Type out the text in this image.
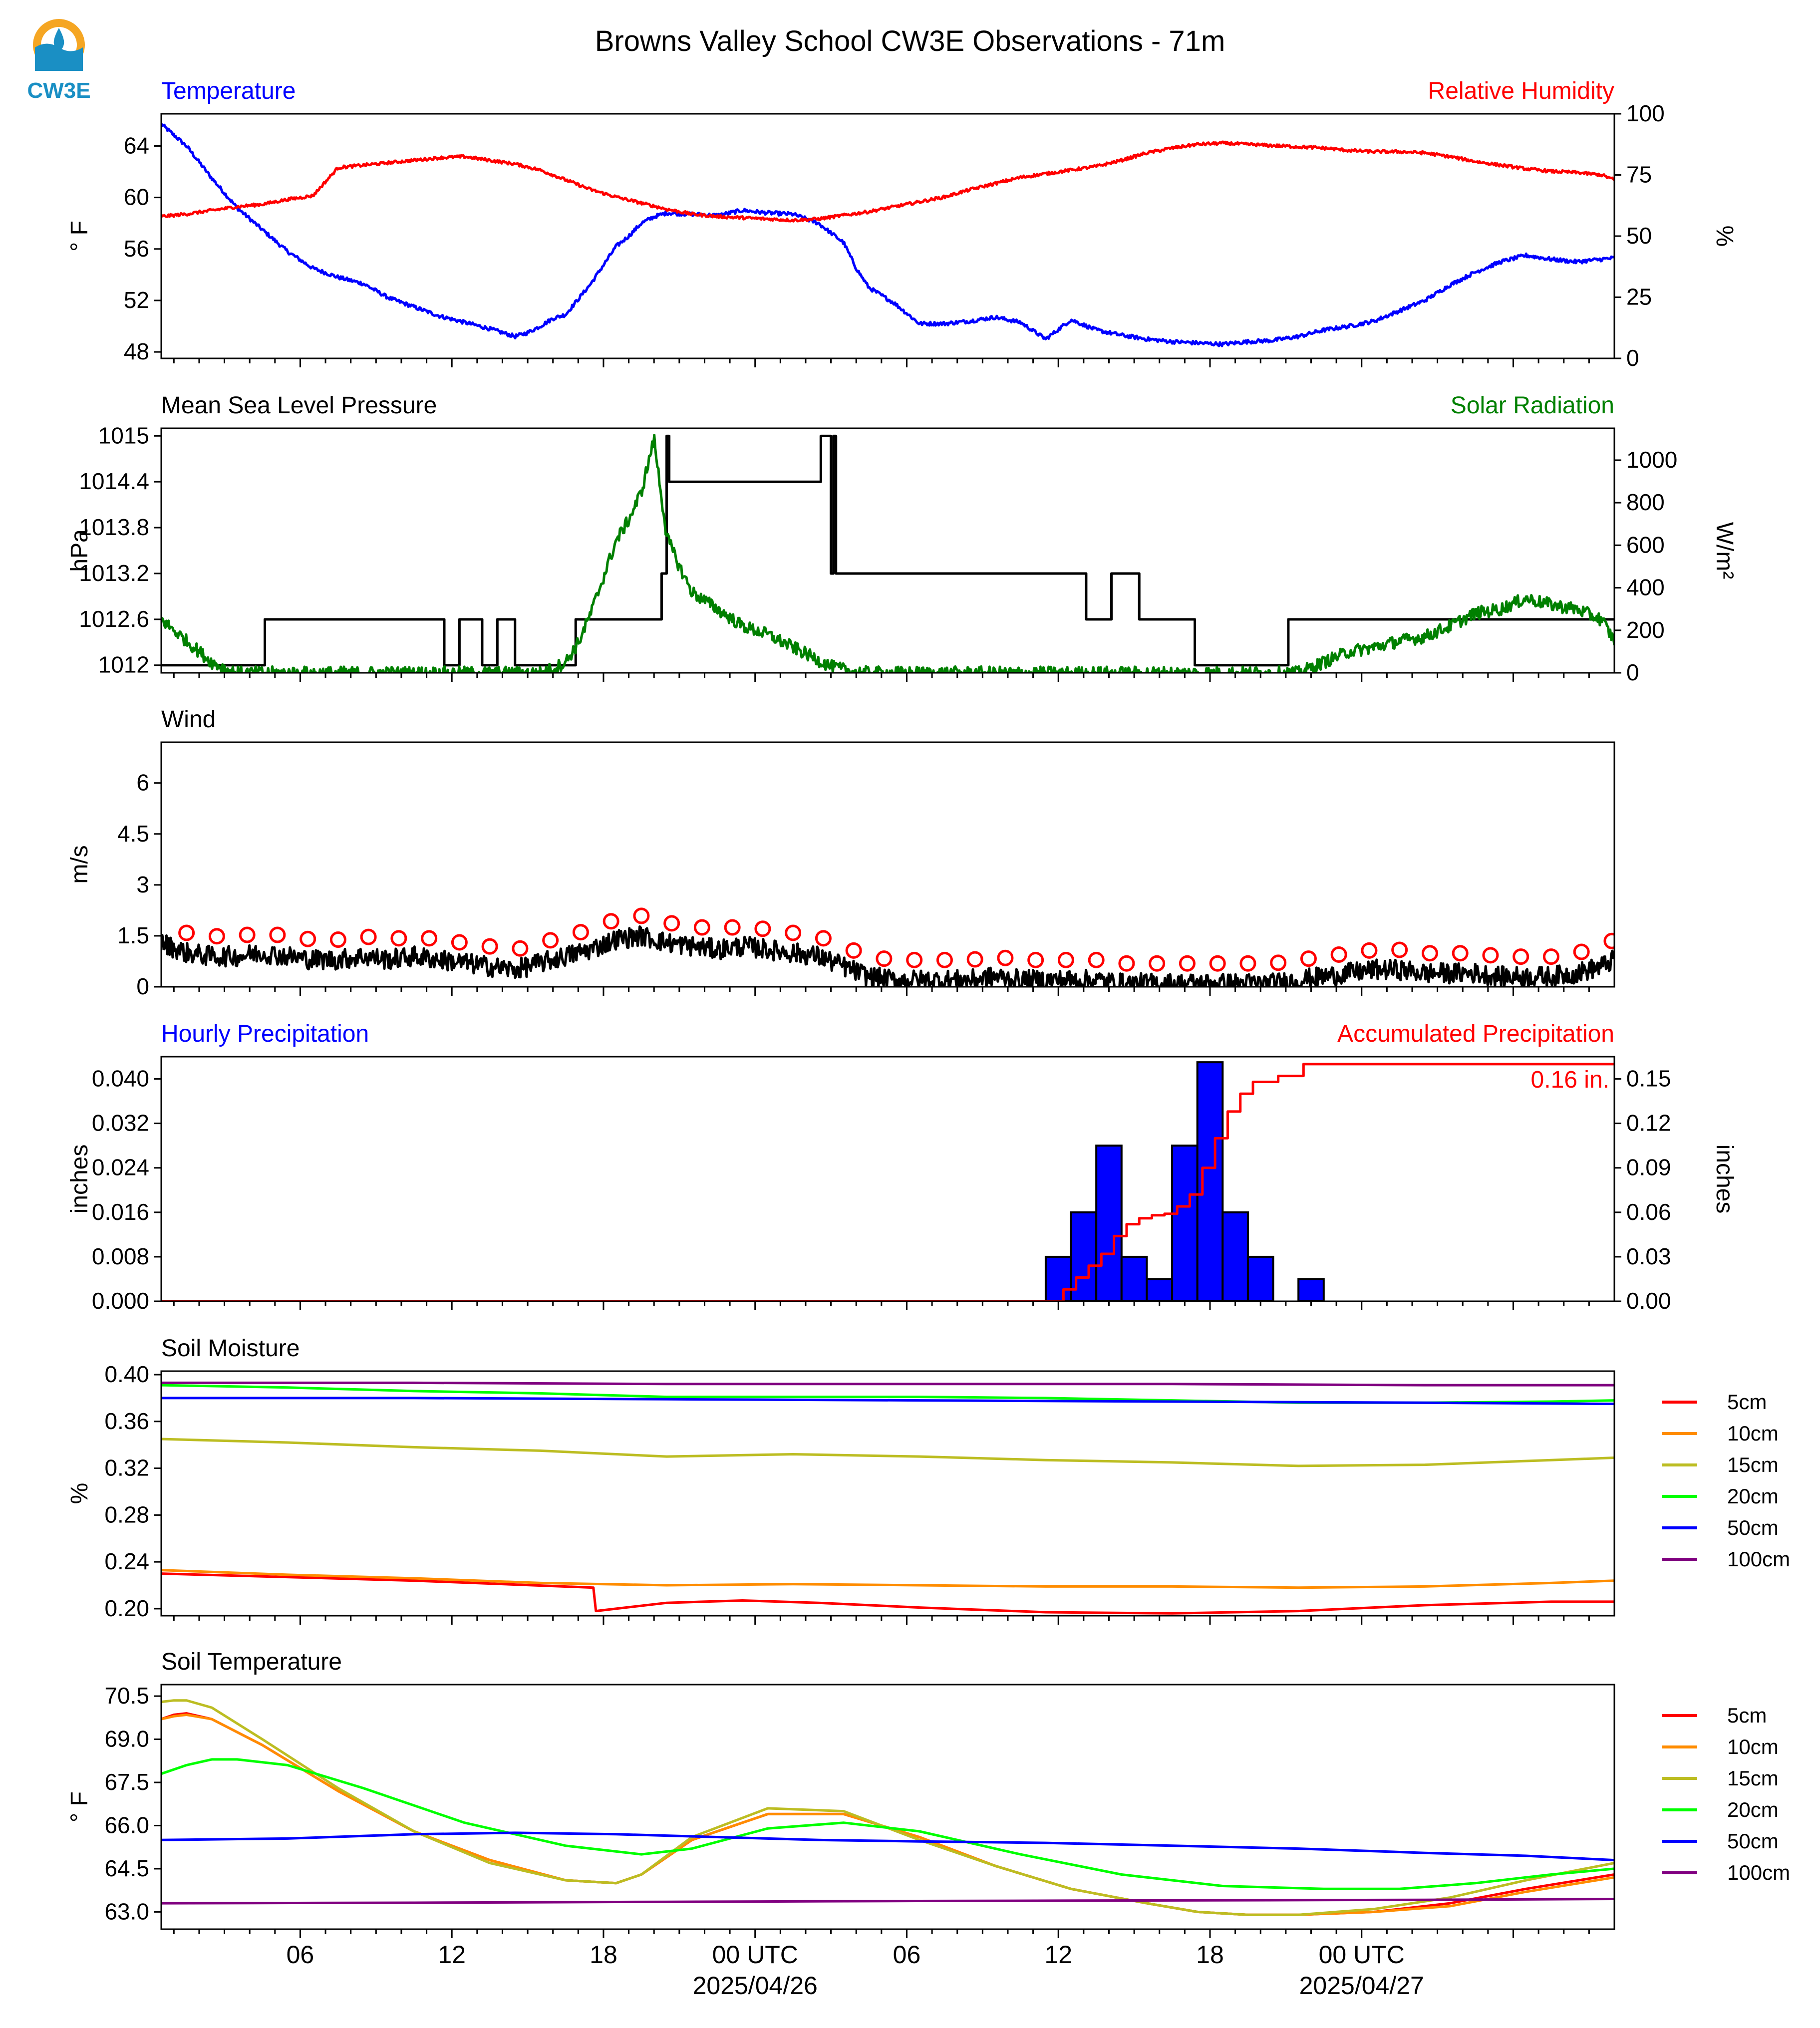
CW3E
Browns Valley School CW3E Observations - 71m
Temperature	Relative Humidity
48
52
56
60
64
0
25
50
75
100
° F	%
Mean Sea Level Pressure	Solar Radiation
1012
1012.6
1013.2
1013.8
1014.4
1015
0
200
400
600
800
1000
hPa	W/m²
Wind
0
1.5
3
4.5
6
m/s
Hourly Precipitation	Accumulated Precipitation
0.000
0.008
0.016
0.024
0.032
0.040
0.00
0.03
0.06
0.09
0.12
0.15
inches	inches
0.16 in.
Soil Moisture
0.20
0.24
0.28
0.32
0.36
0.40
%
5cm
10cm
15cm
20cm
50cm
100cm
Soil Temperature
63.0
64.5
66.0
67.5
69.0
70.5
° F
5cm
10cm
15cm
20cm
50cm
100cm
06	12	18	00 UTC
2025/04/26
06	12	18	00 UTC
2025/04/27
